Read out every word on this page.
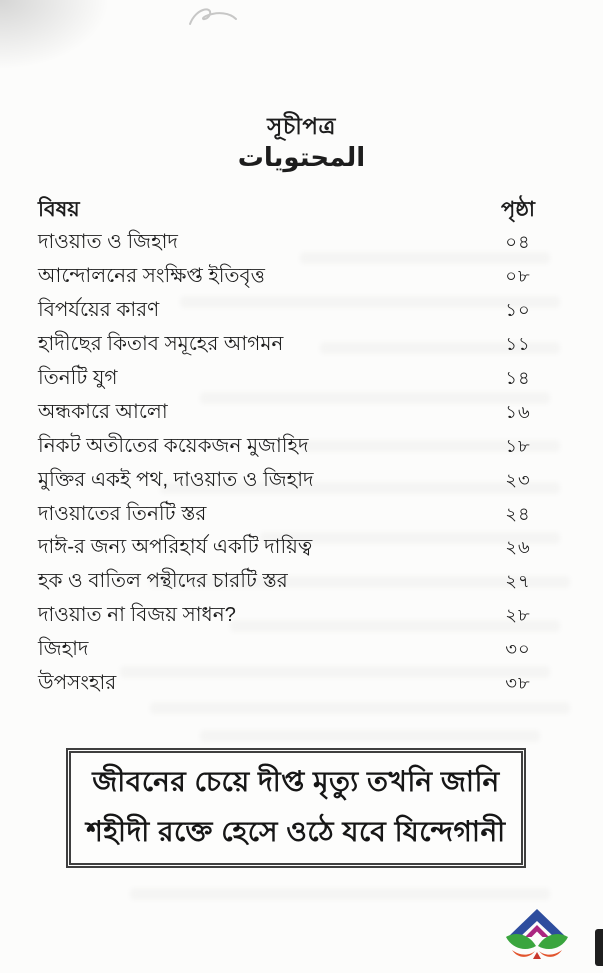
সূচীপত্র
المحتويات
বিষয়	পৃষ্ঠা
দাওয়াত ও জিহাদ	০৪
আন্দোলনের সংক্ষিপ্ত ইতিবৃত্ত	০৮
বিপর্যয়ের কারণ	১০
হাদীছের কিতাব সমূহের আগমন	১১
তিনটি যুগ	১৪
অন্ধকারে আলো	১৬
নিকট অতীতের কয়েকজন মুজাহিদ	১৮
মুক্তির একই পথ, দাওয়াত ও জিহাদ	২৩
দাওয়াতের তিনটি স্তর	২৪
দাঈ-র জন্য অপরিহার্য একটি দায়িত্ব	২৬
হক ও বাতিল পন্থীদের চারটি স্তর	২৭
দাওয়াত না বিজয় সাধন?	২৮
জিহাদ	৩০
উপসংহার	৩৮
জীবনের চেয়ে দীপ্ত মৃত্যু তখনি জানি
শহীদী রক্তে হেসে ওঠে যবে যিন্দেগানী
